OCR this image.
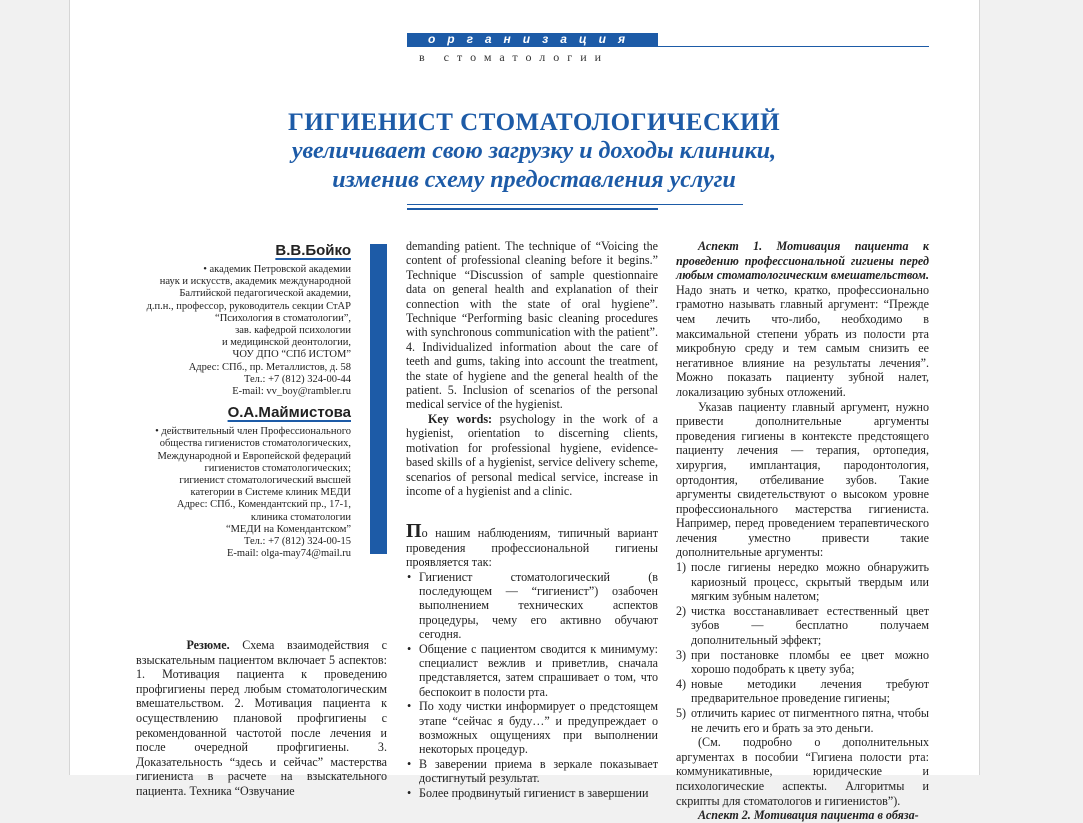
организация
в стоматологии
ГИГИЕНИСТ СТОМАТОЛОГИЧЕСКИЙ
увеличивает свою загрузку и доходы клиники,
изменив схему предоставления услуги
В.В.Бойко

• академик Петровской академии

наук и искусств, академик международной

Балтийской педагогической академии,

д.п.н., профессор, руководитель секции СтАР

“Психология в стоматологии”,

зав. кафедрой психологии

и медицинской деонтологии,

ЧОУ ДПО “СПб ИСТОМ”

Адрес: СПб., пр. Металлистов, д. 58

Тел.: +7 (812) 324-00-44

E-mail: vv_boy@rambler.ru

О.А.Маймистова

• действительный член Профессионального

общества гигиенистов стоматологических,

Международной и Европейской федераций

гигиенистов стоматологических;

гигиенист стоматологический высшей

категории в Системе клиник МЕДИ

Адрес: СПб., Комендантский пр., 17-1,

клиника стоматологии

“МЕДИ на Комендантском”

Тел.: +7 (812) 324-00-15

E-mail: olga-may74@mail.ru

Резюме. Схема взаимодействия с взыскательным пациентом включает 5 аспектов: 1. Мотивация пациента к проведению профгигиены перед любым стоматологическим вмешательством. 2. Мотивация пациента к осуществлению плановой профгигиены с рекомендованной частотой после лечения и после очередной профгигиены. 3. Доказательность “здесь и сейчас” мастерства гигиениста в расчете на взыскательного пациента. Техника “Озвучание

demanding patient. The technique of “Voicing the content of professional cleaning before it begins.” Technique “Discussion of sample questionnaire data on general health and explanation of their connection with the state of oral hygiene”. Technique “Performing basic cleaning procedures with synchronous communication with the patient”. 4. Individualized information about the care of teeth and gums, taking into account the treatment, the state of hygiene and the general health of the patient. 5. Inclusion of scenarios of the personal medical service of the hygienist.

Key words: psychology in the work of a hygienist, orientation to discerning clients, motivation for professional hygiene, evidence-based skills of a hygienist, service delivery scheme, scenarios of personal medical service, increase in income of a hygienist and a clinic.

По нашим наблюдениям, типичный вариант проведения профессиональной гигиены проявляется так:

• Гигиенист стоматологический (в последующем — “гигиенист”) озабочен выполнением технических аспектов процедуры, чему его активно обучают сегодня.
• Общение с пациентом сводится к минимуму: специалист вежлив и приветлив, сначала представляется, затем спрашивает о том, что беспокоит в полости рта.
• По ходу чистки информирует о предстоящем этапе “сейчас я буду…” и предупреждает о возможных ощущениях при выполнении некоторых процедур.
• В заверении приема в зеркале показывает достигнутый результат.
• Более продвинутый гигиенист в завершении

Аспект 1. Мотивация пациента к проведению профессиональной гигиены перед любым стоматологическим вмешательством. Надо знать и четко, кратко, профессионально грамотно называть главный аргумент: “Прежде чем лечить что-либо, необходимо в максимальной степени убрать из полости рта микробную среду и тем самым снизить ее негативное влияние на результаты лечения”. Можно показать пациенту зубной налет, локализацию зубных отложений.

Указав пациенту главный аргумент, нужно привести дополнительные аргументы проведения гигиены в контексте предстоящего пациенту лечения — терапия, ортопедия, хирургия, имплантация, пародонтология, ортодонтия, отбеливание зубов. Такие аргументы свидетельствуют о высоком уровне профессионального мастерства гигиениста. Например, перед проведением терапевтического лечения уместно привести такие дополнительные аргументы:

1) после гигиены нередко можно обнаружить кариозный процесс, скрытый твердым или мягким зубным налетом;
2) чистка восстанавливает естественный цвет зубов — бесплатно получаем дополнительный эффект;
3) при постановке пломбы ее цвет можно хорошо подобрать к цвету зуба;
4) новые методики лечения требуют предварительное проведение гигиены;
5) отличить кариес от пигментного пятна, чтобы не лечить его и брать за это деньги.

(См. подробно о дополнительных аргументах в пособии “Гигиена полости рта: коммуникативные, юридические и психологические аспекты. Алгоритмы и скрипты для стоматологов и гигиенистов”).

Аспект 2. Мотивация пациента в обяза-
